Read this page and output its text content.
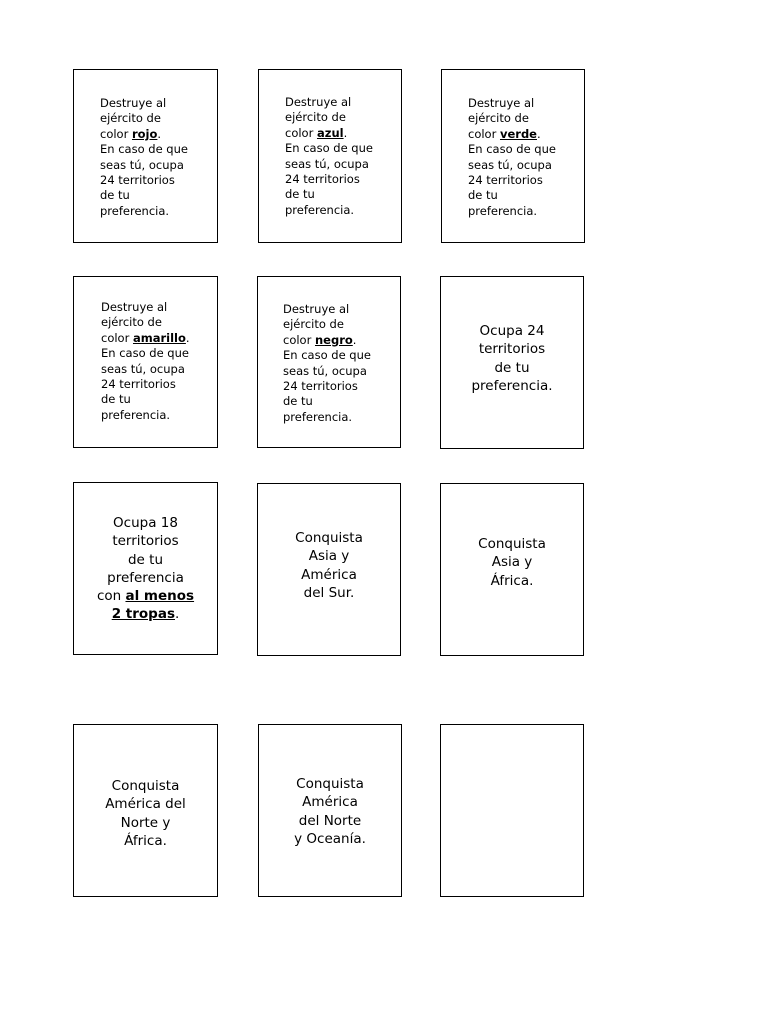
Destruye al
ejército de
color rojo.
En caso de que
seas tú, ocupa
24 territorios
de tu
preferencia.
Destruye al
ejército de
color azul.
En caso de que
seas tú, ocupa
24 territorios
de tu
preferencia.
Destruye al
ejército de
color verde.
En caso de que
seas tú, ocupa
24 territorios
de tu
preferencia.
Destruye al
ejército de
color amarillo.
En caso de que
seas tú, ocupa
24 territorios
de tu
preferencia.
Destruye al
ejército de
color negro.
En caso de que
seas tú, ocupa
24 territorios
de tu
preferencia.
Ocupa 24
territorios
de tu
preferencia.
Ocupa 18
territorios
de tu
preferencia
con al menos
2 tropas.
Conquista
Asia y
América
del Sur.
Conquista
Asia y
África.
Conquista
América del
Norte y
África.
Conquista
América
del Norte
y Oceanía.
